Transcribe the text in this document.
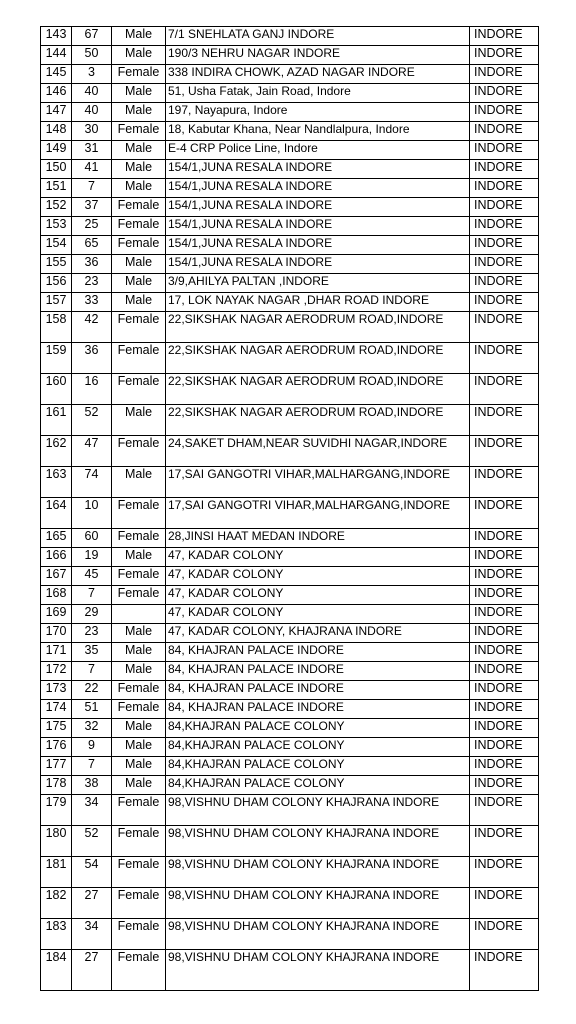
143	67	Male	7/1 SNEHLATA GANJ INDORE	INDORE
144	50	Male	190/3 NEHRU NAGAR INDORE	INDORE
145	3	Female	338 INDIRA CHOWK, AZAD NAGAR INDORE	INDORE
146	40	Male	51, Usha Fatak, Jain Road, Indore	INDORE
147	40	Male	197, Nayapura, Indore	INDORE
148	30	Female	18, Kabutar Khana, Near Nandlalpura, Indore	INDORE
149	31	Male	E-4 CRP Police Line, Indore	INDORE
150	41	Male	154/1,JUNA RESALA INDORE	INDORE
151	7	Male	154/1,JUNA RESALA INDORE	INDORE
152	37	Female	154/1,JUNA RESALA INDORE	INDORE
153	25	Female	154/1,JUNA RESALA INDORE	INDORE
154	65	Female	154/1,JUNA RESALA INDORE	INDORE
155	36	Male	154/1,JUNA RESALA INDORE	INDORE
156	23	Male	3/9,AHILYA PALTAN ,INDORE	INDORE
157	33	Male	17, LOK NAYAK NAGAR ,DHAR ROAD INDORE	INDORE
158	42	Female	22,SIKSHAK NAGAR AERODRUM ROAD,INDORE	INDORE
159	36	Female	22,SIKSHAK NAGAR AERODRUM ROAD,INDORE	INDORE
160	16	Female	22,SIKSHAK NAGAR AERODRUM ROAD,INDORE	INDORE
161	52	Male	22,SIKSHAK NAGAR AERODRUM ROAD,INDORE	INDORE
162	47	Female	24,SAKET DHAM,NEAR SUVIDHI NAGAR,INDORE	INDORE
163	74	Male	17,SAI GANGOTRI VIHAR,MALHARGANG,INDORE	INDORE
164	10	Female	17,SAI GANGOTRI VIHAR,MALHARGANG,INDORE	INDORE
165	60	Female	28,JINSI HAAT MEDAN INDORE	INDORE
166	19	Male	47, KADAR COLONY	INDORE
167	45	Female	47, KADAR COLONY	INDORE
168	7	Female	47, KADAR COLONY	INDORE
169	29		47, KADAR COLONY	INDORE
170	23	Male	47, KADAR COLONY, KHAJRANA INDORE	INDORE
171	35	Male	84, KHAJRAN PALACE INDORE	INDORE
172	7	Male	84, KHAJRAN PALACE INDORE	INDORE
173	22	Female	84, KHAJRAN PALACE INDORE	INDORE
174	51	Female	84, KHAJRAN PALACE INDORE	INDORE
175	32	Male	84,KHAJRAN PALACE COLONY	INDORE
176	9	Male	84,KHAJRAN PALACE COLONY	INDORE
177	7	Male	84,KHAJRAN PALACE COLONY	INDORE
178	38	Male	84,KHAJRAN PALACE COLONY	INDORE
179	34	Female	98,VISHNU DHAM COLONY KHAJRANA INDORE	INDORE
180	52	Female	98,VISHNU DHAM COLONY KHAJRANA INDORE	INDORE
181	54	Female	98,VISHNU DHAM COLONY KHAJRANA INDORE	INDORE
182	27	Female	98,VISHNU DHAM COLONY KHAJRANA INDORE	INDORE
183	34	Female	98,VISHNU DHAM COLONY KHAJRANA INDORE	INDORE
184	27	Female	98,VISHNU DHAM COLONY KHAJRANA INDORE	INDORE
